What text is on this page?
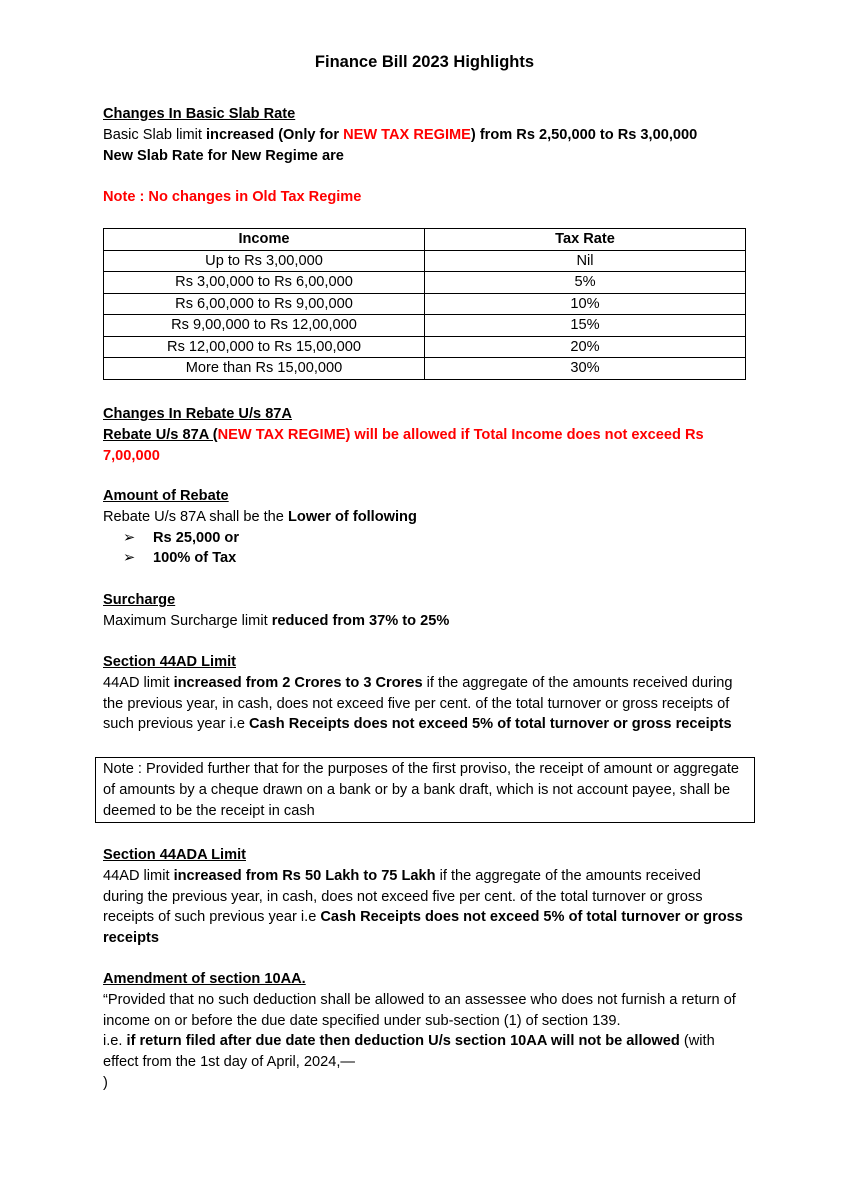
Finance Bill 2023 Highlights
Changes In Basic Slab Rate
Basic Slab limit increased (Only for NEW TAX REGIME) from Rs 2,50,000 to Rs 3,00,000
New Slab Rate for New Regime are
Note : No changes in Old Tax Regime
Income	Tax Rate
Up to Rs 3,00,000	Nil
Rs 3,00,000 to Rs 6,00,000	5%
Rs 6,00,000 to Rs 9,00,000	10%
Rs 9,00,000 to Rs 12,00,000	15%
Rs 12,00,000 to Rs 15,00,000	20%
More than Rs 15,00,000	30%
Changes In Rebate U/s 87A
Rebate U/s 87A (NEW TAX REGIME) will be allowed if Total Income does not exceed Rs 7,00,000
Amount of Rebate
Rebate U/s 87A shall be the Lower of following
➢ Rs 25,000 or
➢ 100% of Tax
Surcharge
Maximum Surcharge limit reduced from 37% to 25%
Section 44AD Limit
44AD limit increased from 2 Crores to 3 Crores if the aggregate of the amounts received during the previous year, in cash, does not exceed five per cent. of the total turnover or gross receipts of such previous year i.e Cash Receipts does not exceed 5% of total turnover or gross receipts
Note : Provided further that for the purposes of the first proviso, the receipt of amount or aggregate of amounts by a cheque drawn on a bank or by a bank draft, which is not account payee, shall be deemed to be the receipt in cash
Section 44ADA Limit
44AD limit increased from Rs 50 Lakh to 75 Lakh if the aggregate of the amounts received during the previous year, in cash, does not exceed five per cent. of the total turnover or gross receipts of such previous year i.e Cash Receipts does not exceed 5% of total turnover or gross receipts
Amendment of section 10AA.
“Provided that no such deduction shall be allowed to an assessee who does not furnish a return of income on or before the due date specified under sub-section (1) of section 139.
i.e. if return filed after due date then deduction U/s section 10AA will not be allowed (with effect from the 1st day of April, 2024,—
)
